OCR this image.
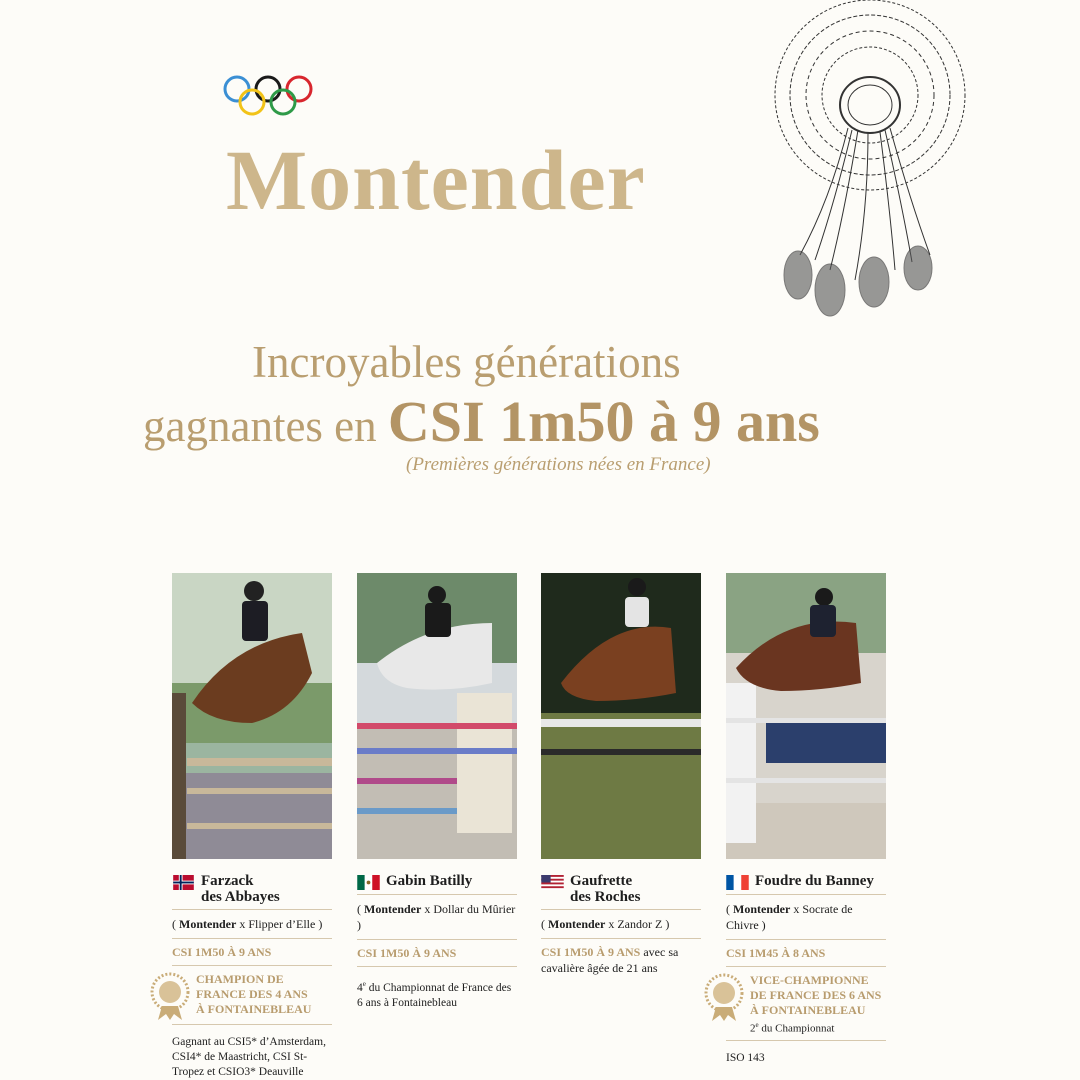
Montender
Incroyables générations
gagnantes en CSI 1m50 à 9 ans
(Premières générations nées en France)
Farzack
des Abbayes
( Montender x Flipper d’Elle )
CSI 1M50 À 9 ANS
CHAMPION DE
FRANCE DES 4 ANS
À FONTAINEBLEAU
Gagnant au CSI5* d’Amsterdam, CSI4* de Maastricht, CSI St-Tropez et CSIO3* Deauville
Gabin Batilly
( Montender x Dollar du Mûrier )
CSI 1M50 À 9 ANS
4e du Championnat de France des 6 ans à Fontainebleau
Gaufrette
des Roches
( Montender x Zandor Z )
CSI 1M50 À 9 ANS avec sa cavalière âgée de 21 ans
Foudre du Banney
( Montender x Socrate de Chivre )
CSI 1M45 À 8 ANS
VICE-CHAMPIONNE
DE FRANCE DES 6 ANS
À FONTAINEBLEAU
2e du Championnat
ISO 143
